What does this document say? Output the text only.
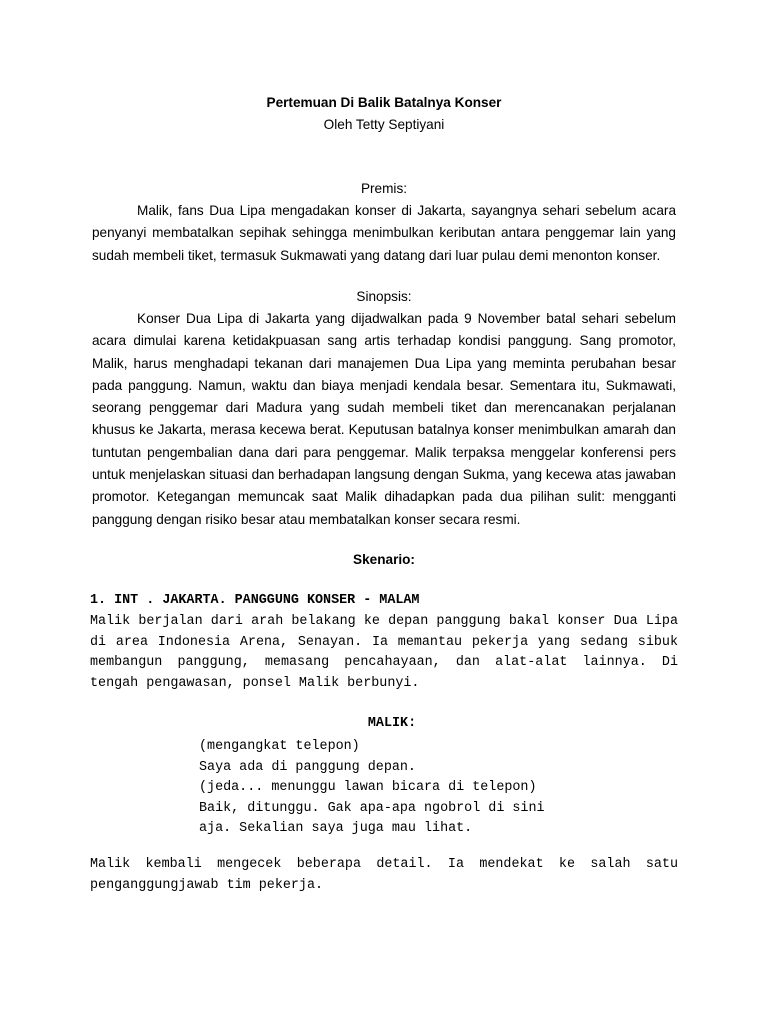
Pertemuan Di Balik Batalnya Konser
Oleh Tetty Septiyani
Premis:

Malik, fans Dua Lipa mengadakan konser di Jakarta, sayangnya sehari sebelum acara penyanyi membatalkan sepihak sehingga menimbulkan keributan antara penggemar lain yang sudah membeli tiket, termasuk Sukmawati yang datang dari luar pulau demi menonton konser.

Sinopsis:

Konser Dua Lipa di Jakarta yang dijadwalkan pada 9 November batal sehari sebelum acara dimulai karena ketidakpuasan sang artis terhadap kondisi panggung. Sang promotor, Malik, harus menghadapi tekanan dari manajemen Dua Lipa yang meminta perubahan besar pada panggung. Namun, waktu dan biaya menjadi kendala besar. Sementara itu, Sukmawati, seorang penggemar dari Madura yang sudah membeli tiket dan merencanakan perjalanan khusus ke Jakarta, merasa kecewa berat. Keputusan batalnya konser menimbulkan amarah dan tuntutan pengembalian dana dari para penggemar. Malik terpaksa menggelar konferensi pers untuk menjelaskan situasi dan berhadapan langsung dengan Sukma, yang kecewa atas jawaban promotor. Ketegangan memuncak saat Malik dihadapkan pada dua pilihan sulit: mengganti panggung dengan risiko besar atau membatalkan konser secara resmi.

Skenario:
1. INT . JAKARTA. PANGGUNG KONSER - MALAM

Malik berjalan dari arah belakang ke depan panggung bakal konser Dua Lipa di area Indonesia Arena, Senayan. Ia memantau pekerja yang sedang sibuk membangun panggung, memasang pencahayaan, dan alat-alat lainnya. Di tengah pengawasan, ponsel Malik berbunyi.

MALIK:
(mengangkat telepon)
Saya ada di panggung depan.
(jeda... menunggu lawan bicara di telepon)
Baik, ditunggu. Gak apa-apa ngobrol di sini
aja. Sekalian saya juga mau lihat.

Malik kembali mengecek beberapa detail. Ia mendekat ke salah satu penganggungjawab tim pekerja.
